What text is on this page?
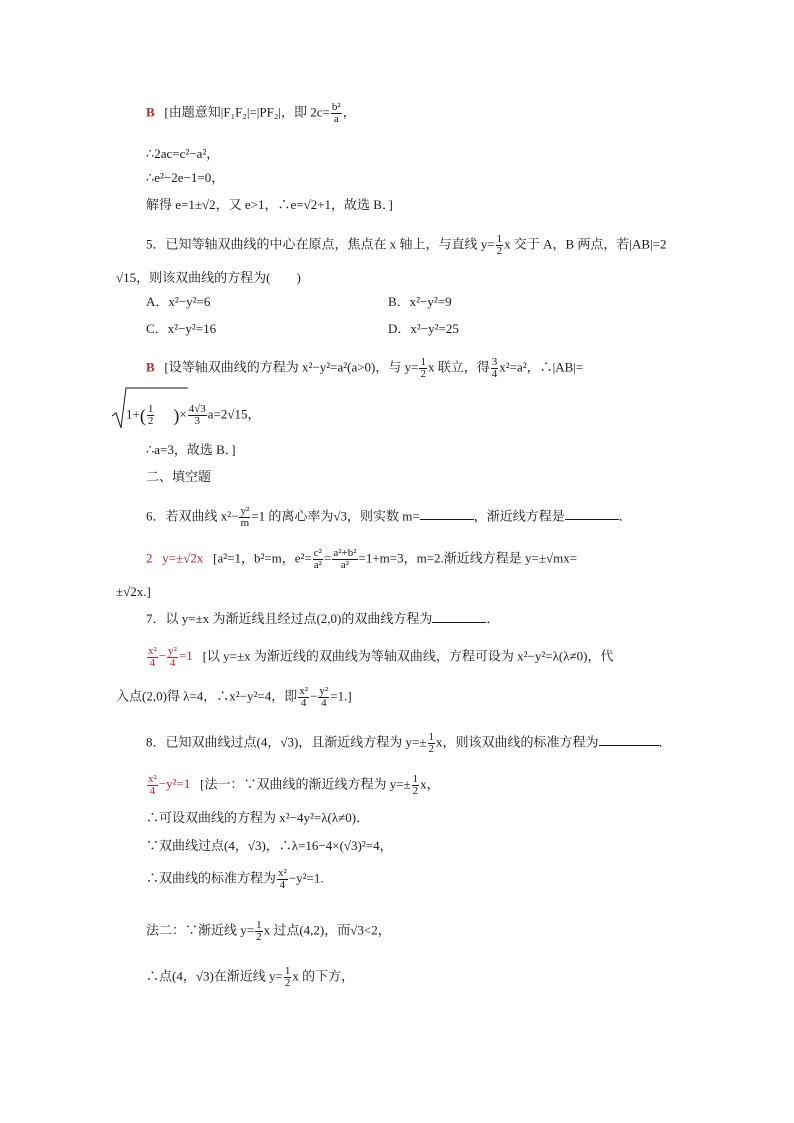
B [由题意知|F₁F₂|=|PF₂|，即 $2c= \frac{\text{b²}}{a}$ ，
∴2ac=c²−a²，
∴e²−2e−1=0，
解得 e=1±√2，又 e>1，∴e=√2+1，故选 B．]
5．已知等轴双曲线的中心在原点，焦点在 x 轴上，与直线 $y= \frac{1}{2}$ x 交于 A，B 两点，若|AB|=2
√15，则该双曲线的方程为(　　)
A．x²−y²=6	B．x²−y²=9
C．x²−y²=16	D．x²−y²=25
B [设等轴双曲线的方程为 x²−y²=a²(a>0)，与 $y= \frac{1}{2}$ x 联立，得 $\frac{3}{4} x^2=a^2$，∴|AB|=
$1+( \frac{1}{2}$ )× $\frac{4√3}{3} a=2√15$，
∴a=3，故选 B．]
二、填空题
6．若双曲线 $x^2- \frac{\text{y²}}{m} =1$ 的离心率为√3，则实数 m=	，渐近线方程是	．
2 y=±√2x [a²=1，b²=m，$e^2= \frac{\text{c²}}{\text{a²}} = \frac{\text{a²+b²}}{\text{a²}} =1+m=3$，m=2.渐近线方程是 y=±√mx=
±√2x.]
7．以 y=±x 为渐近线且经过点(2,0)的双曲线方程为	．
$\frac{\text{x²}}{4} - \frac{\text{y²}}{4} =1$ [以 y=±x 为渐近线的双曲线为等轴双曲线，方程可设为 x²−y²=λ(λ≠0)，代
入点(2,0)得 λ=4，∴x²−y²=4，即 $\frac{\text{x²}}{4} - \frac{\text{y²}}{4} =1$.]
8．已知双曲线过点(4，√3)，且渐近线方程为 $y=\pm \frac{1}{2}$ x，则该双曲线的标准方程为	．
$\frac{\text{x²}}{4} -y^2=1$ [法一：∵双曲线的渐近线方程为 $y=\pm \frac{1}{2}$ x，
∴可设双曲线的方程为 x²−4y²=λ(λ≠0)．
∵双曲线过点(4，√3)，∴λ=16−4×(√3)²=4，
∴双曲线的标准方程为 $\frac{\text{x²}}{4} -y^2=1$.
法二：∵渐近线 $y= \frac{1}{2}$ x 过点(4,2)，而√3<2，
∴点(4，√3)在渐近线 $y= \frac{1}{2}$ x 的下方，
